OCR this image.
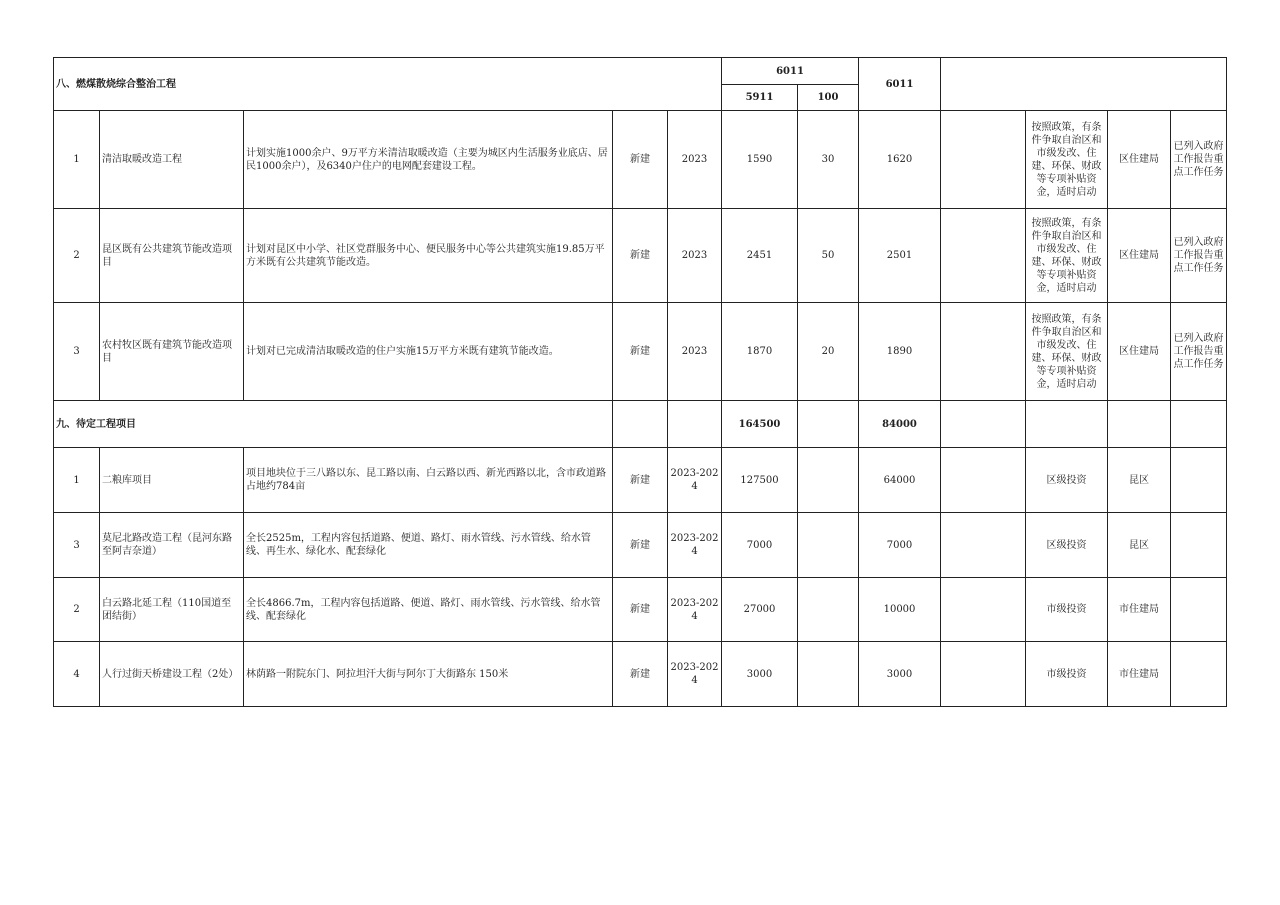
八、燃煤散烧综合整治工程					6011		6011				
					5911	100					
1	清洁取暖改造工程	计划实施1000余户、9万平方米清洁取暖改造（主要为城区内生活服务业底店、居民1000余户），及6340户住户的电网配套建设工程。	新建	2023	1590	30	1620		按照政策，有条件争取自治区和市级发改、住建、环保、财政等专项补贴资金，适时启动	区住建局	已列入政府工作报告重点工作任务
2	昆区既有公共建筑节能改造项目	计划对昆区中小学、社区党群服务中心、便民服务中心等公共建筑实施19.85万平方米既有公共建筑节能改造。	新建	2023	2451	50	2501		按照政策，有条件争取自治区和市级发改、住建、环保、财政等专项补贴资金，适时启动	区住建局	已列入政府工作报告重点工作任务
3	农村牧区既有建筑节能改造项目	计划对已完成清洁取暖改造的住户实施15万平方米既有建筑节能改造。	新建	2023	1870	20	1890		按照政策，有条件争取自治区和市级发改、住建、环保、财政等专项补贴资金，适时启动	区住建局	已列入政府工作报告重点工作任务
九、待定工程项目					164500		84000				
1	二粮库项目	项目地块位于三八路以东、昆工路以南、白云路以西、新光西路以北，含市政道路占地约784亩	新建	2023-2024	127500		64000		区级投资	昆区	
3	莫尼北路改造工程（昆河东路至阿吉奈道）	全长2525m，工程内容包括道路、便道、路灯、雨水管线、污水管线、给水管线、再生水、绿化水、配套绿化	新建	2023-2024	7000		7000		区级投资	昆区	
2	白云路北延工程（110国道至团结街）	全长4866.7m，工程内容包括道路、便道、路灯、雨水管线、污水管线、给水管线、配套绿化	新建	2023-2024	27000		10000		市级投资	市住建局	
4	人行过街天桥建设工程（2处）	林荫路一附院东门、阿拉坦汗大街与阿尔丁大街路东 150米	新建	2023-2024	3000		3000		市级投资	市住建局	
